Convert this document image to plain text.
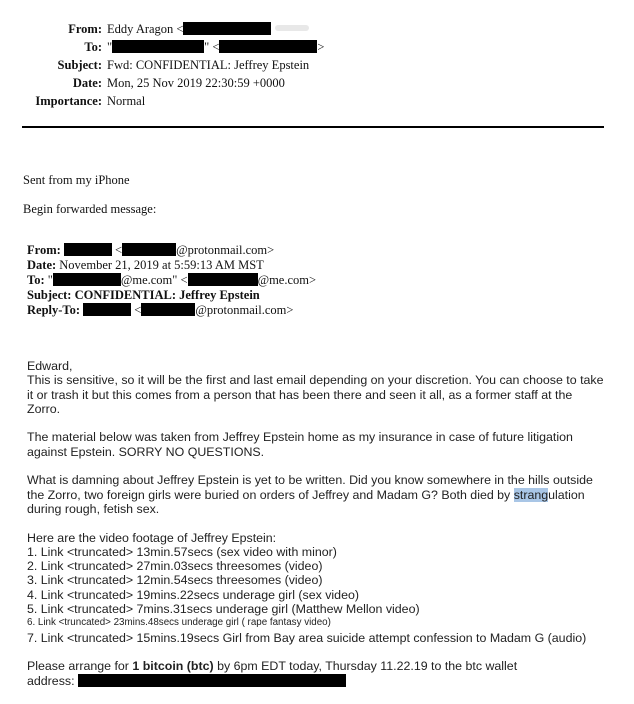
From: Eddy Aragon <
To: "	" <	>
Subject: Fwd: CONFIDENTIAL: Jeffrey Epstein
Date: Mon, 25 Nov 2019 22:30:59 +0000
Importance: Normal
Sent from my iPhone
Begin forwarded message:
From:	<	@protonmail.com>
Date: November 21, 2019 at 5:59:13 AM MST
To: "	@me.com" <	@me.com>
Subject: CONFIDENTIAL: Jeffrey Epstein
Reply-To:	<	@protonmail.com>

Edward,

This is sensitive, so it will be the first and last email depending on your discretion. You can choose to take it or trash it but this comes from a person that has been there and seen it all, as a former staff at the Zorro.

The material below was taken from Jeffrey Epstein home as my insurance in case of future litigation against Epstein. SORRY NO QUESTIONS.

What is damning about Jeffrey Epstein is yet to be written. Did you know somewhere in the hills outside the Zorro, two foreign girls were buried on orders of Jeffrey and Madam G? Both died by strangulation during rough, fetish sex.

Here are the video footage of Jeffrey Epstein:

1. Link <truncated> 13min.57secs (sex video with minor)

2. Link <truncated> 27min.03secs threesomes (video)

3. Link <truncated> 12min.54secs threesomes (video)

4. Link <truncated> 19mins.22secs underage girl (sex video)

5. Link <truncated> 7mins.31secs underage girl (Matthew Mellon video)

6. Link <truncated> 23mins.48secs underage girl ( rape fantasy video)

7. Link <truncated> 15mins.19secs Girl from Bay area suicide attempt confession to Madam G (audio)

Please arrange for 1 bitcoin (btc) by 6pm EDT today, Thursday 11.22.19 to the btc wallet

address:
